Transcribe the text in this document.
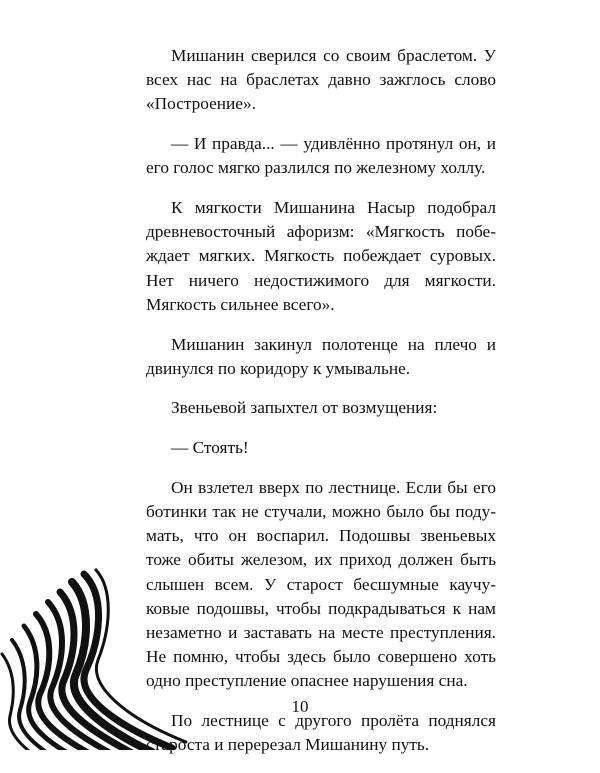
Мишанин сверился со своим браслетом. У всех нас на браслетах давно зажглось слово «Построение».

— И правда... — удивлённо протянул он, и его голос мягко разлился по железному холлу.

К мягкости Мишанина Насыр подобрал древневосточный афоризм: «Мягкость побеждает мягких. Мягкость побеждает суровых. Нет ничего недостижимого для мягкости. Мягкость сильнее всего».

Мишанин закинул полотенце на плечо и двинулся по коридору к умывальне.

Звеньевой запыхтел от возмущения:

— Стоять!

Он взлетел вверх по лестнице. Если бы его ботинки так не стучали, можно было бы подумать, что он воспарил. Подошвы звеньевых тоже обиты железом, их приход должен быть слышен всем. У старост бесшумные каучуковые подошвы, чтобы подкрадываться к нам незаметно и заставать на месте преступления. Не помню, чтобы здесь было совершено хоть одно преступление опаснее нарушения сна.

По лестнице с другого пролёта поднялся староста и перерезал Мишанину путь.

10
